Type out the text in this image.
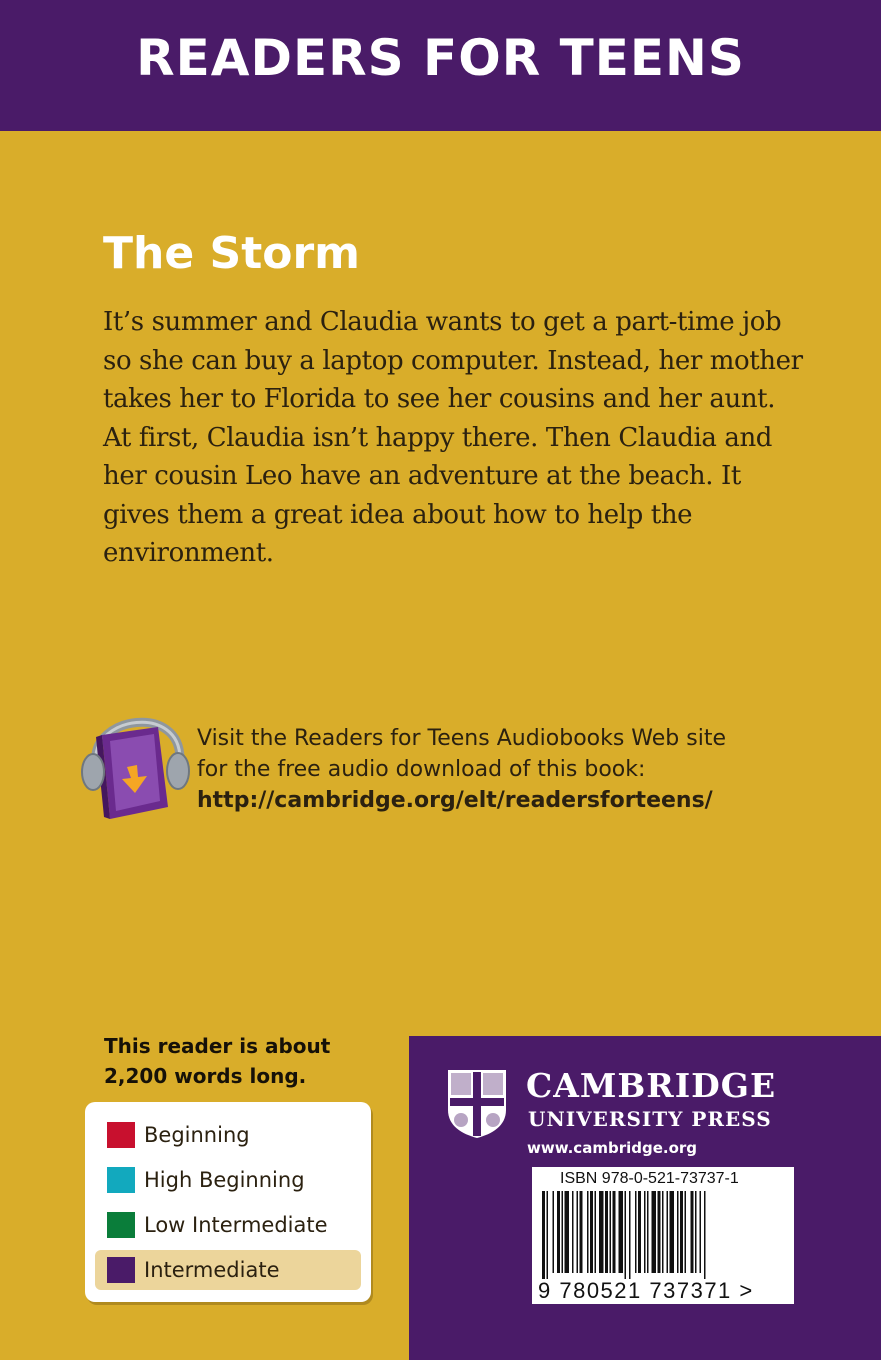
READERS FOR TEENS
The Storm

It’s summer and Claudia wants to get a part-time job so she can buy a laptop computer. Instead, her mother takes her to Florida to see her cousins and her aunt. At first, Claudia isn’t happy there. Then Claudia and her cousin Leo have an adventure at the beach. It gives them a great idea about how to help the environment.

Visit the Readers for Teens Audiobooks Web site
for the free audio download of this book:
http://cambridge.org/elt/readersforteens/

This reader is about
2,200 words long.

Beginning
High Beginning
Low Intermediate
Intermediate
CAMBRIDGE
UNIVERSITY PRESS
www.cambridge.org
ISBN 978-0-521-73737-1
9 780521 737371 >
